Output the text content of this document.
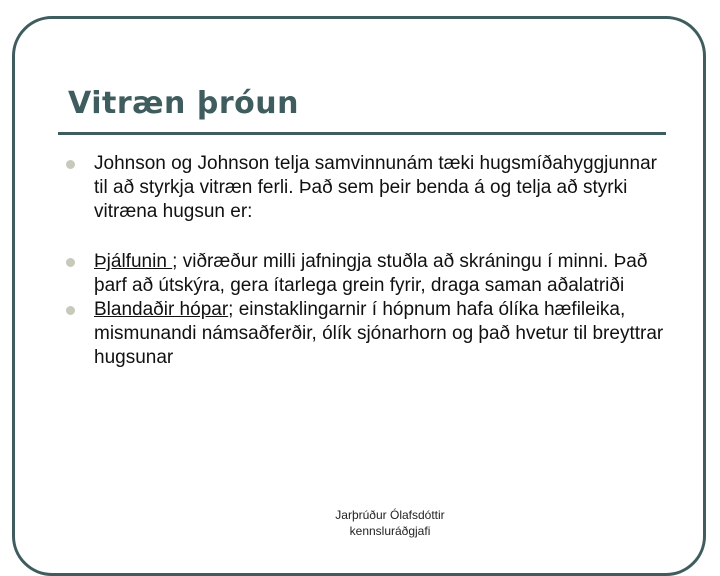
Vitræn þróun
Johnson og Johnson telja samvinnunám tæki hugsmíðahyggjunnar til að styrkja vitræn ferli. Það sem þeir benda á og telja að styrki vitræna hugsun er:
Þjálfunin ; viðræður milli jafningja stuðla að skráningu í minni. Það þarf að útskýra, gera ítarlega grein fyrir, draga saman aðalatriði
Blandaðir hópar; einstaklingarnir í hópnum hafa ólíka hæfileika, mismunandi námsaðferðir, ólík sjónarhorn og það hvetur til breyttrar hugsunar
Jarþrúður Ólafsdóttir
kennsluráðgjafi
